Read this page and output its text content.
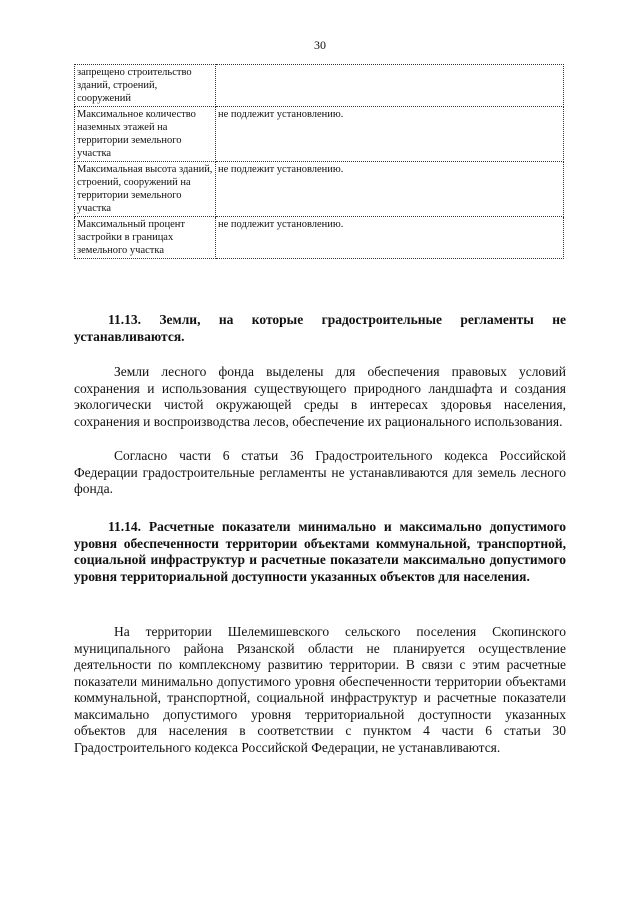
30
запрещено строительство зданий, строений, сооружений	
Максимальное количество наземных этажей на территории земельного участка	не подлежит установлению.
Максимальная высота зданий, строений, сооружений на территории земельного участка	не подлежит установлению.
Максимальный процент застройки в границах земельного участка	не подлежит установлению.

11.13. Земли, на которые градостроительные регламенты не устанавливаются.

Земли лесного фонда выделены для обеспечения правовых условий сохранения и использования существующего природного ландшафта и создания экологически чистой окружающей среды в интересах здоровья населения, сохранения и воспроизводства лесов, обеспечение их рационального использования.

Согласно части 6 статьи 36 Градостроительного кодекса Российской Федерации градостроительные регламенты не устанавливаются для земель лесного фонда.

11.14. Расчетные показатели минимально и максимально допустимого уровня обеспеченности территории объектами коммунальной, транспортной, социальной инфраструктур и расчетные показатели максимально допустимого уровня территориальной доступности указанных объектов для населения.

На территории Шелемишевского сельского поселения Скопинского муниципального района Рязанской области не планируется осуществление деятельности по комплексному развитию территории. В связи с этим расчетные показатели минимально допустимого уровня обеспеченности территории объектами коммунальной, транспортной, социальной инфраструктур и расчетные показатели максимально допустимого уровня территориальной доступности указанных объектов для населения в соответствии с пунктом 4 части 6 статьи 30 Градостроительного кодекса Российской Федерации, не устанавливаются.
